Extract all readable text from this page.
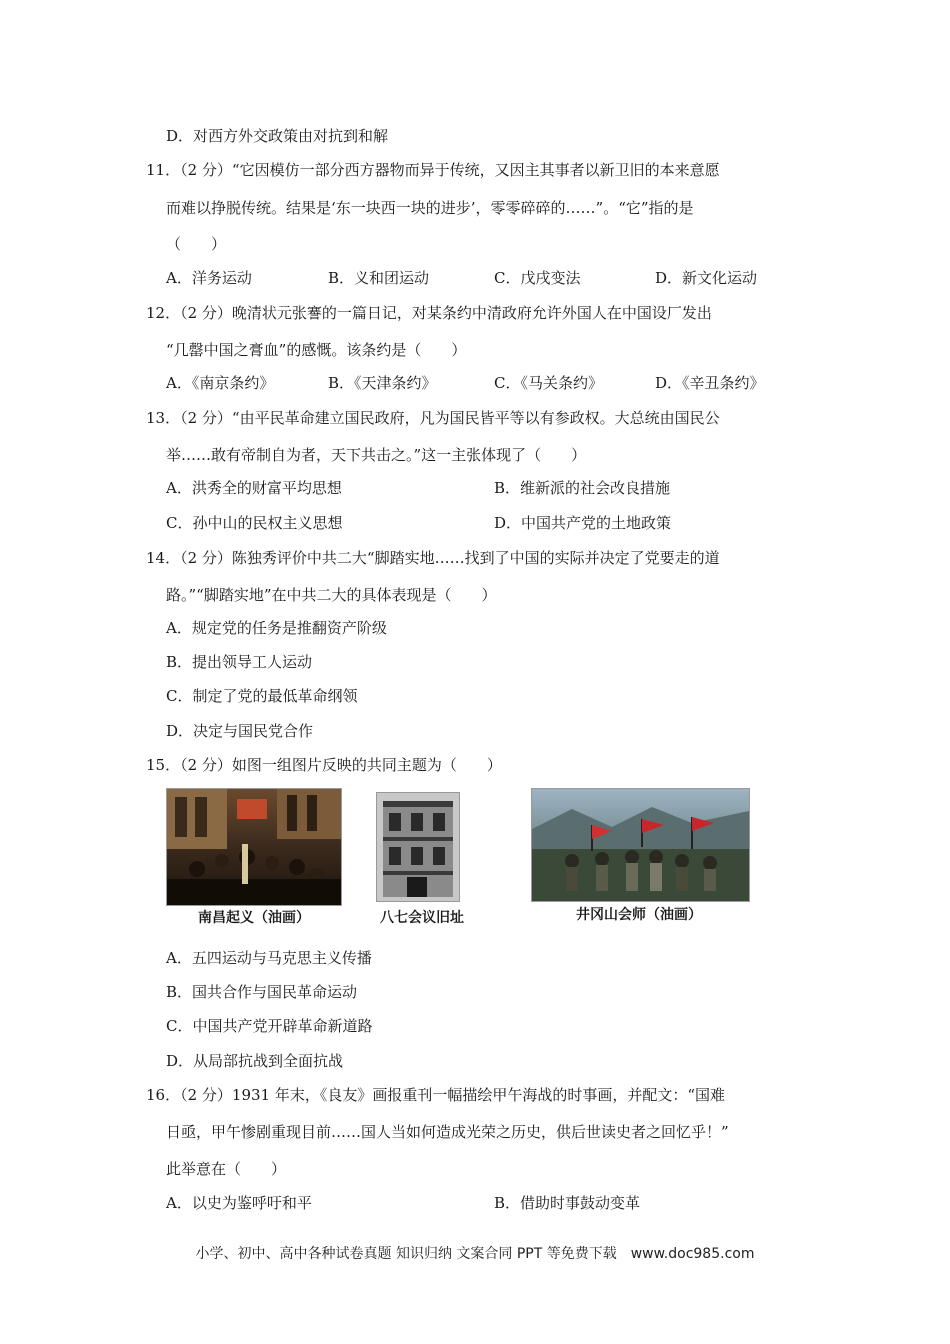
D．对西方外交政策由对抗到和解
11．（2 分）“它因模仿一部分西方器物而异于传统，又因主其事者以新卫旧的本来意愿
而难以挣脱传统。结果是‘东一块西一块的进步’，零零碎碎的……”。“它”指的是
（　　）
A．洋务运动	B．义和团运动	C．戊戌变法	D．新文化运动
12．（2 分）晚清状元张謇的一篇日记，对某条约中清政府允许外国人在中国设厂发出
“几罄中国之膏血”的感慨。该条约是（　　）
A．《南京条约》	B．《天津条约》	C．《马关条约》	D．《辛丑条约》
13．（2 分）“由平民革命建立国民政府，凡为国民皆平等以有参政权。大总统由国民公
举……敢有帝制自为者，天下共击之。”这一主张体现了（　　）
A．洪秀全的财富平均思想	B．维新派的社会改良措施
C．孙中山的民权主义思想	D．中国共产党的土地政策
14．（2 分）陈独秀评价中共二大“脚踏实地……找到了中国的实际并决定了党要走的道
路。”“脚踏实地”在中共二大的具体表现是（　　）
A．规定党的任务是推翻资产阶级
B．提出领导工人运动
C．制定了党的最低革命纲领
D．决定与国民党合作
15．（2 分）如图一组图片反映的共同主题为（　　）
南昌起义（油画）	八七会议旧址	井冈山会师（油画）
A．五四运动与马克思主义传播
B．国共合作与国民革命运动
C．中国共产党开辟革命新道路
D．从局部抗战到全面抗战
16．（2 分）1931 年末，《良友》画报重刊一幅描绘甲午海战的时事画，并配文：“国难
日亟，甲午惨剧重现目前……国人当如何造成光荣之历史，供后世读史者之回忆乎！”
此举意在（　　）
A．以史为鉴呼吁和平	B．借助时事鼓动变革
小学、初中、高中各种试卷真题 知识归纳 文案合同 PPT 等免费下载　www.doc985.com
